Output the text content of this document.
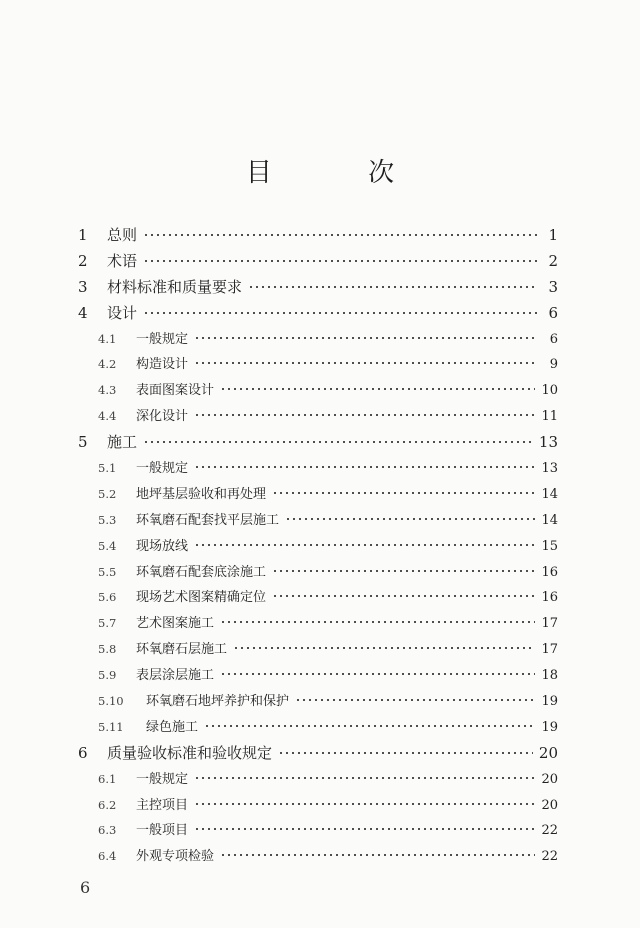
目 次
1	总则	1
2	术语	2
3	材料标准和质量要求	3
4	设计	6
4.1	一般规定	6
4.2	构造设计	9
4.3	表面图案设计	10
4.4	深化设计	11
5	施工	13
5.1	一般规定	13
5.2	地坪基层验收和再处理	14
5.3	环氧磨石配套找平层施工	14
5.4	现场放线	15
5.5	环氧磨石配套底涂施工	16
5.6	现场艺术图案精确定位	16
5.7	艺术图案施工	17
5.8	环氧磨石层施工	17
5.9	表层涂层施工	18
5.10	环氧磨石地坪养护和保护	19
5.11	绿色施工	19
6	质量验收标准和验收规定	20
6.1	一般规定	20
6.2	主控项目	20
6.3	一般项目	22
6.4	外观专项检验	22
6
